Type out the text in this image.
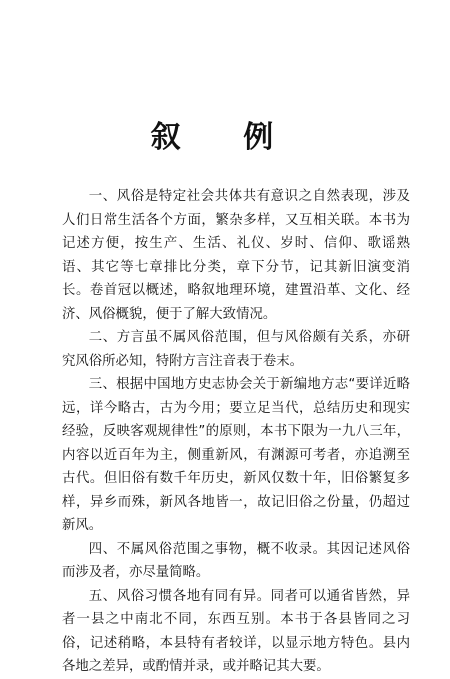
叙 例

一、风俗是特定社会共体共有意识之自然表现，涉及人们日常生活各个方面，繁杂多样，又互相关联。本书为记述方便，按生产、生活、礼仪、岁时、信仰、歌谣熟语、其它等七章排比分类，章下分节，记其新旧演变消长。卷首冠以概述，略叙地理环境，建置沿革、文化、经济、风俗概貌，便于了解大致情况。

二、方言虽不属风俗范围，但与风俗颇有关系，亦研究风俗所必知，特附方言注音表于卷末。

三、根据中国地方史志协会关于新编地方志“要详近略远，详今略古，古为今用；要立足当代，总结历史和现实经验，反映客观规律性”的原则，本书下限为一九八三年，内容以近百年为主，侧重新风，有渊源可考者，亦追溯至古代。但旧俗有数千年历史，新风仅数十年，旧俗繁复多样，异乡而殊，新风各地皆一，故记旧俗之份量，仍超过新风。

四、不属风俗范围之事物，概不收录。其因记述风俗而涉及者，亦尽量简略。

五、风俗习惯各地有同有异。同者可以通省皆然，异者一县之中南北不同，东西互别。本书于各县皆同之习俗，记述稍略，本县特有者较详，以显示地方特色。县内各地之差异，或酌情并录，或并略记其大要。
